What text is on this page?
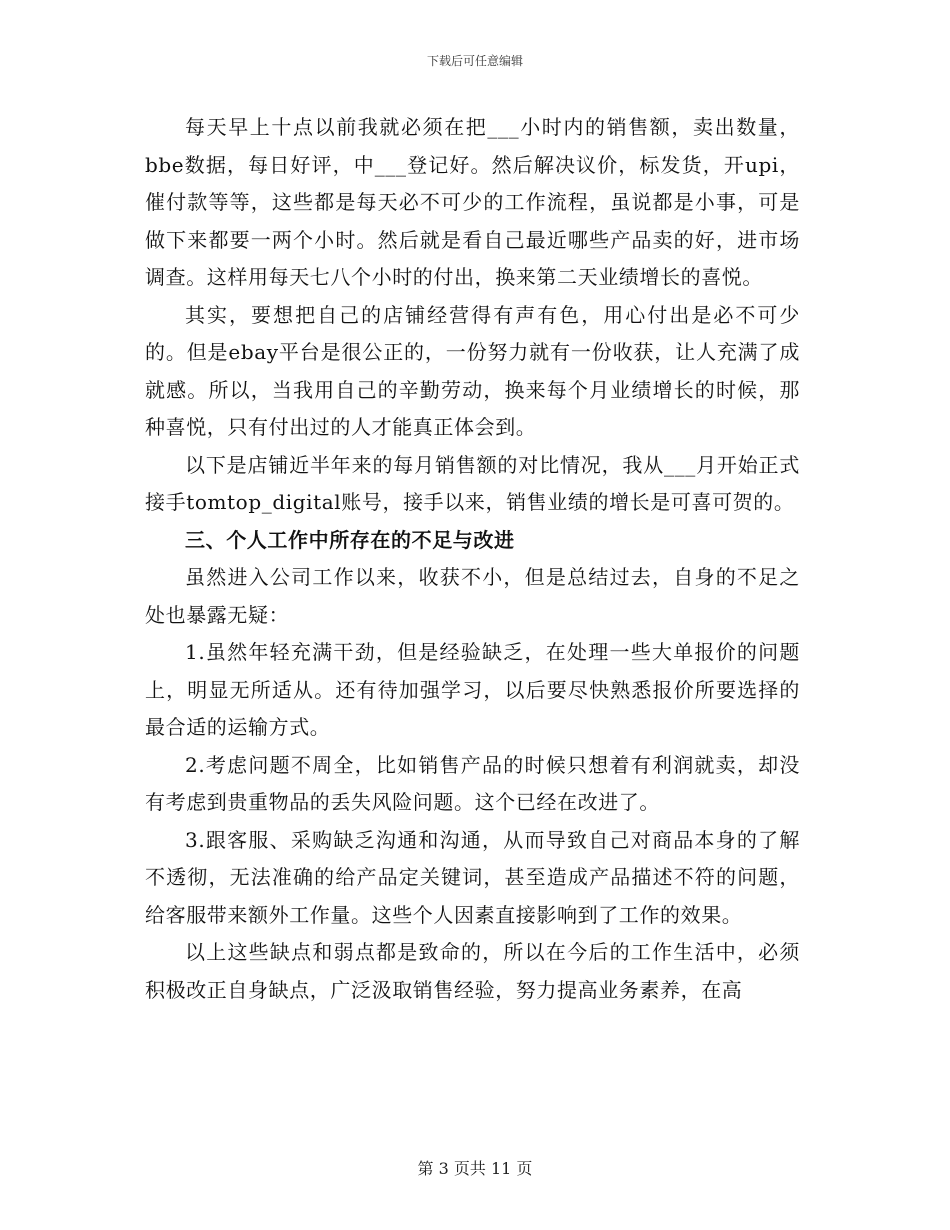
下载后可任意编辑

每天早上十点以前我就必须在把___小时内的销售额，卖出数量，bbe数据，每日好评，中___登记好。然后解决议价，标发货，开upi，催付款等等，这些都是每天必不可少的工作流程，虽说都是小事，可是做下来都要一两个小时。然后就是看自己最近哪些产品卖的好，进市场调查。这样用每天七八个小时的付出，换来第二天业绩增长的喜悦。

其实，要想把自己的店铺经营得有声有色，用心付出是必不可少的。但是ebay平台是很公正的，一份努力就有一份收获，让人充满了成就感。所以，当我用自己的辛勤劳动，换来每个月业绩增长的时候，那种喜悦，只有付出过的人才能真正体会到。

以下是店铺近半年来的每月销售额的对比情况，我从___月开始正式接手tomtop_digital账号，接手以来，销售业绩的增长是可喜可贺的。

三、个人工作中所存在的不足与改进

虽然进入公司工作以来，收获不小，但是总结过去，自身的不足之处也暴露无疑：

1.虽然年轻充满干劲，但是经验缺乏，在处理一些大单报价的问题上，明显无所适从。还有待加强学习，以后要尽快熟悉报价所要选择的最合适的运输方式。

2.考虑问题不周全，比如销售产品的时候只想着有利润就卖，却没有考虑到贵重物品的丢失风险问题。这个已经在改进了。

3.跟客服、采购缺乏沟通和沟通，从而导致自己对商品本身的了解不透彻，无法准确的给产品定关键词，甚至造成产品描述不符的问题，给客服带来额外工作量。这些个人因素直接影响到了工作的效果。

以上这些缺点和弱点都是致命的，所以在今后的工作生活中，必须积极改正自身缺点，广泛汲取销售经验，努力提高业务素养，在高

第 3 页共 11 页
